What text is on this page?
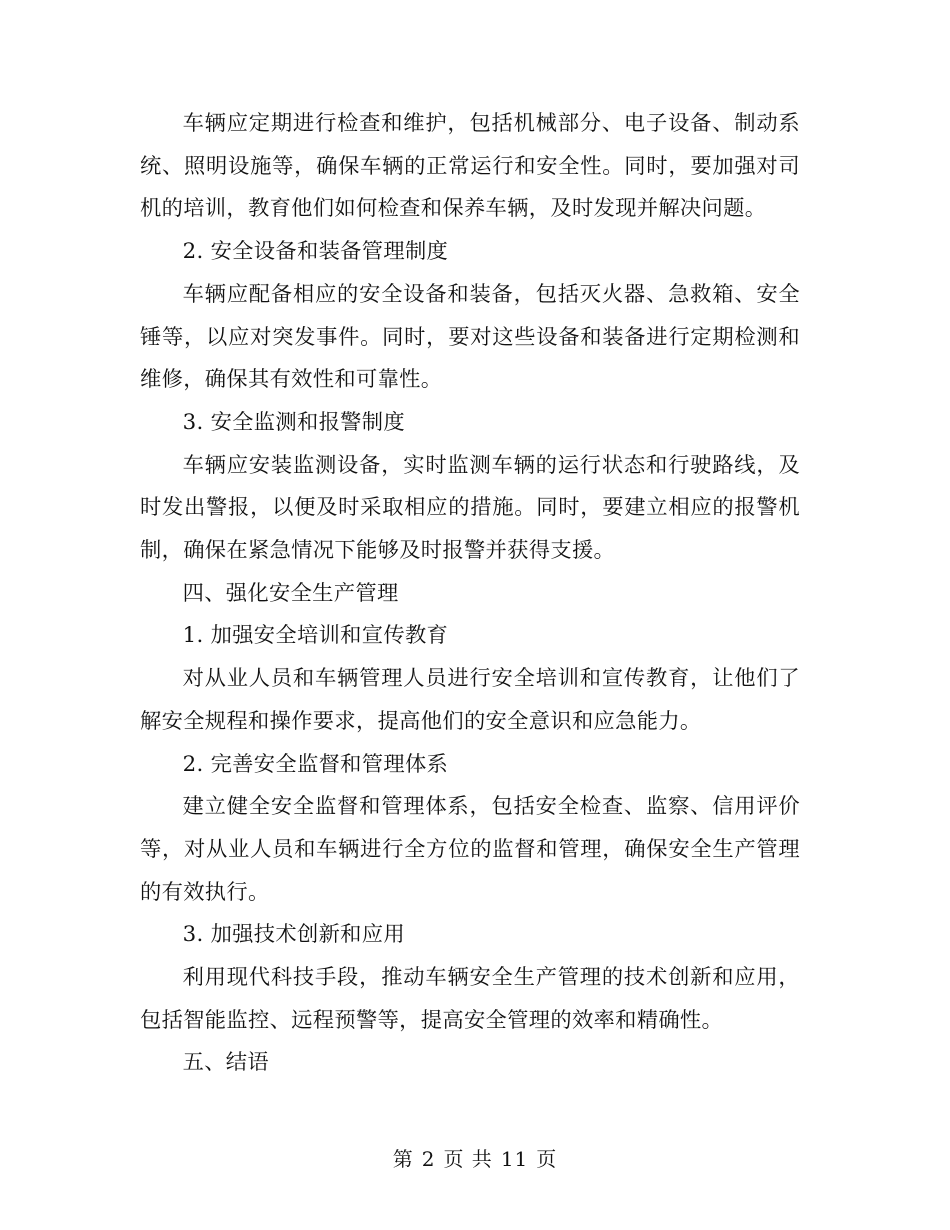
车辆应定期进行检查和维护，包括机械部分、电子设备、制动系统、照明设施等，确保车辆的正常运行和安全性。同时，要加强对司机的培训，教育他们如何检查和保养车辆，及时发现并解决问题。

2. 安全设备和装备管理制度

车辆应配备相应的安全设备和装备，包括灭火器、急救箱、安全锤等，以应对突发事件。同时，要对这些设备和装备进行定期检测和维修，确保其有效性和可靠性。

3. 安全监测和报警制度

车辆应安装监测设备，实时监测车辆的运行状态和行驶路线，及时发出警报，以便及时采取相应的措施。同时，要建立相应的报警机制，确保在紧急情况下能够及时报警并获得支援。

四、强化安全生产管理

1. 加强安全培训和宣传教育

对从业人员和车辆管理人员进行安全培训和宣传教育，让他们了解安全规程和操作要求，提高他们的安全意识和应急能力。

2. 完善安全监督和管理体系

建立健全安全监督和管理体系，包括安全检查、监察、信用评价等，对从业人员和车辆进行全方位的监督和管理，确保安全生产管理的有效执行。

3. 加强技术创新和应用

利用现代科技手段，推动车辆安全生产管理的技术创新和应用，包括智能监控、远程预警等，提高安全管理的效率和精确性。

五、结语

第 2 页 共 11 页
